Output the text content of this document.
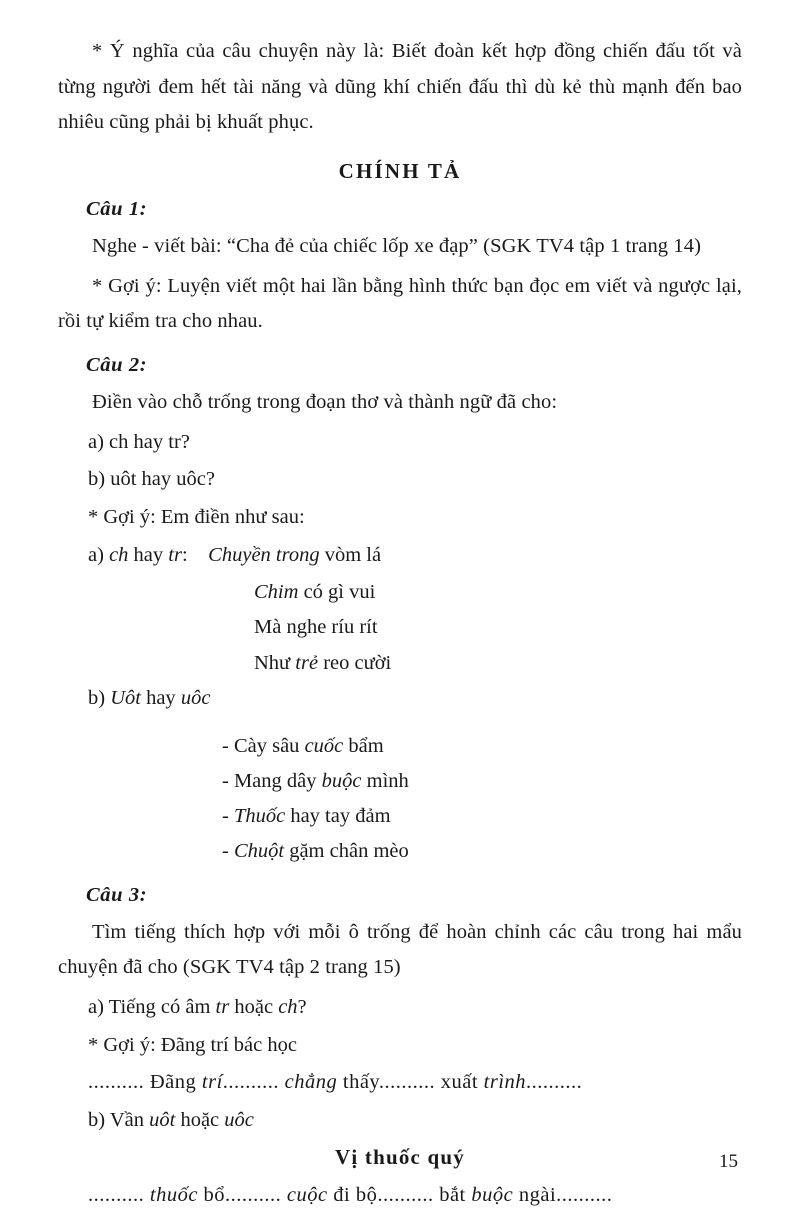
* Ý nghĩa của câu chuyện này là: Biết đoàn kết hợp đồng chiến đấu tốt và từng người đem hết tài năng và dũng khí chiến đấu thì dù kẻ thù mạnh đến bao nhiêu cũng phải bị khuất phục.

CHÍNH TẢ
Câu 1:

Nghe - viết bài: “Cha đẻ của chiếc lốp xe đạp” (SGK TV4 tập 1 trang 14)

* Gợi ý: Luyện viết một hai lần bằng hình thức bạn đọc em viết và ngược lại, rồi tự kiểm tra cho nhau.

Câu 2:

Điền vào chỗ trống trong đoạn thơ và thành ngữ đã cho:

a) ch hay tr?

b) uôt hay uôc?

* Gợi ý: Em điền như sau:

a) ch hay tr: Chuyền trong vòm lá

Chim có gì vui

Mà nghe ríu rít

Như trẻ reo cười

b) Uôt hay uôc

- Cày sâu cuốc bẩm

- Mang dây buộc mình

- Thuốc hay tay đảm

- Chuột gặm chân mèo

Câu 3:

Tìm tiếng thích hợp với mỗi ô trống để hoàn chỉnh các câu trong hai mẩu chuyện đã cho (SGK TV4 tập 2 trang 15)

a) Tiếng có âm tr hoặc ch?

* Gợi ý: Đãng trí bác học

.......... Đãng trí.......... chẳng thấy.......... xuất trình..........

b) Vần uôt hoặc uôc

Vị thuốc quý

.......... thuốc bổ.......... cuộc đi bộ.......... bắt buộc ngài..........

15
